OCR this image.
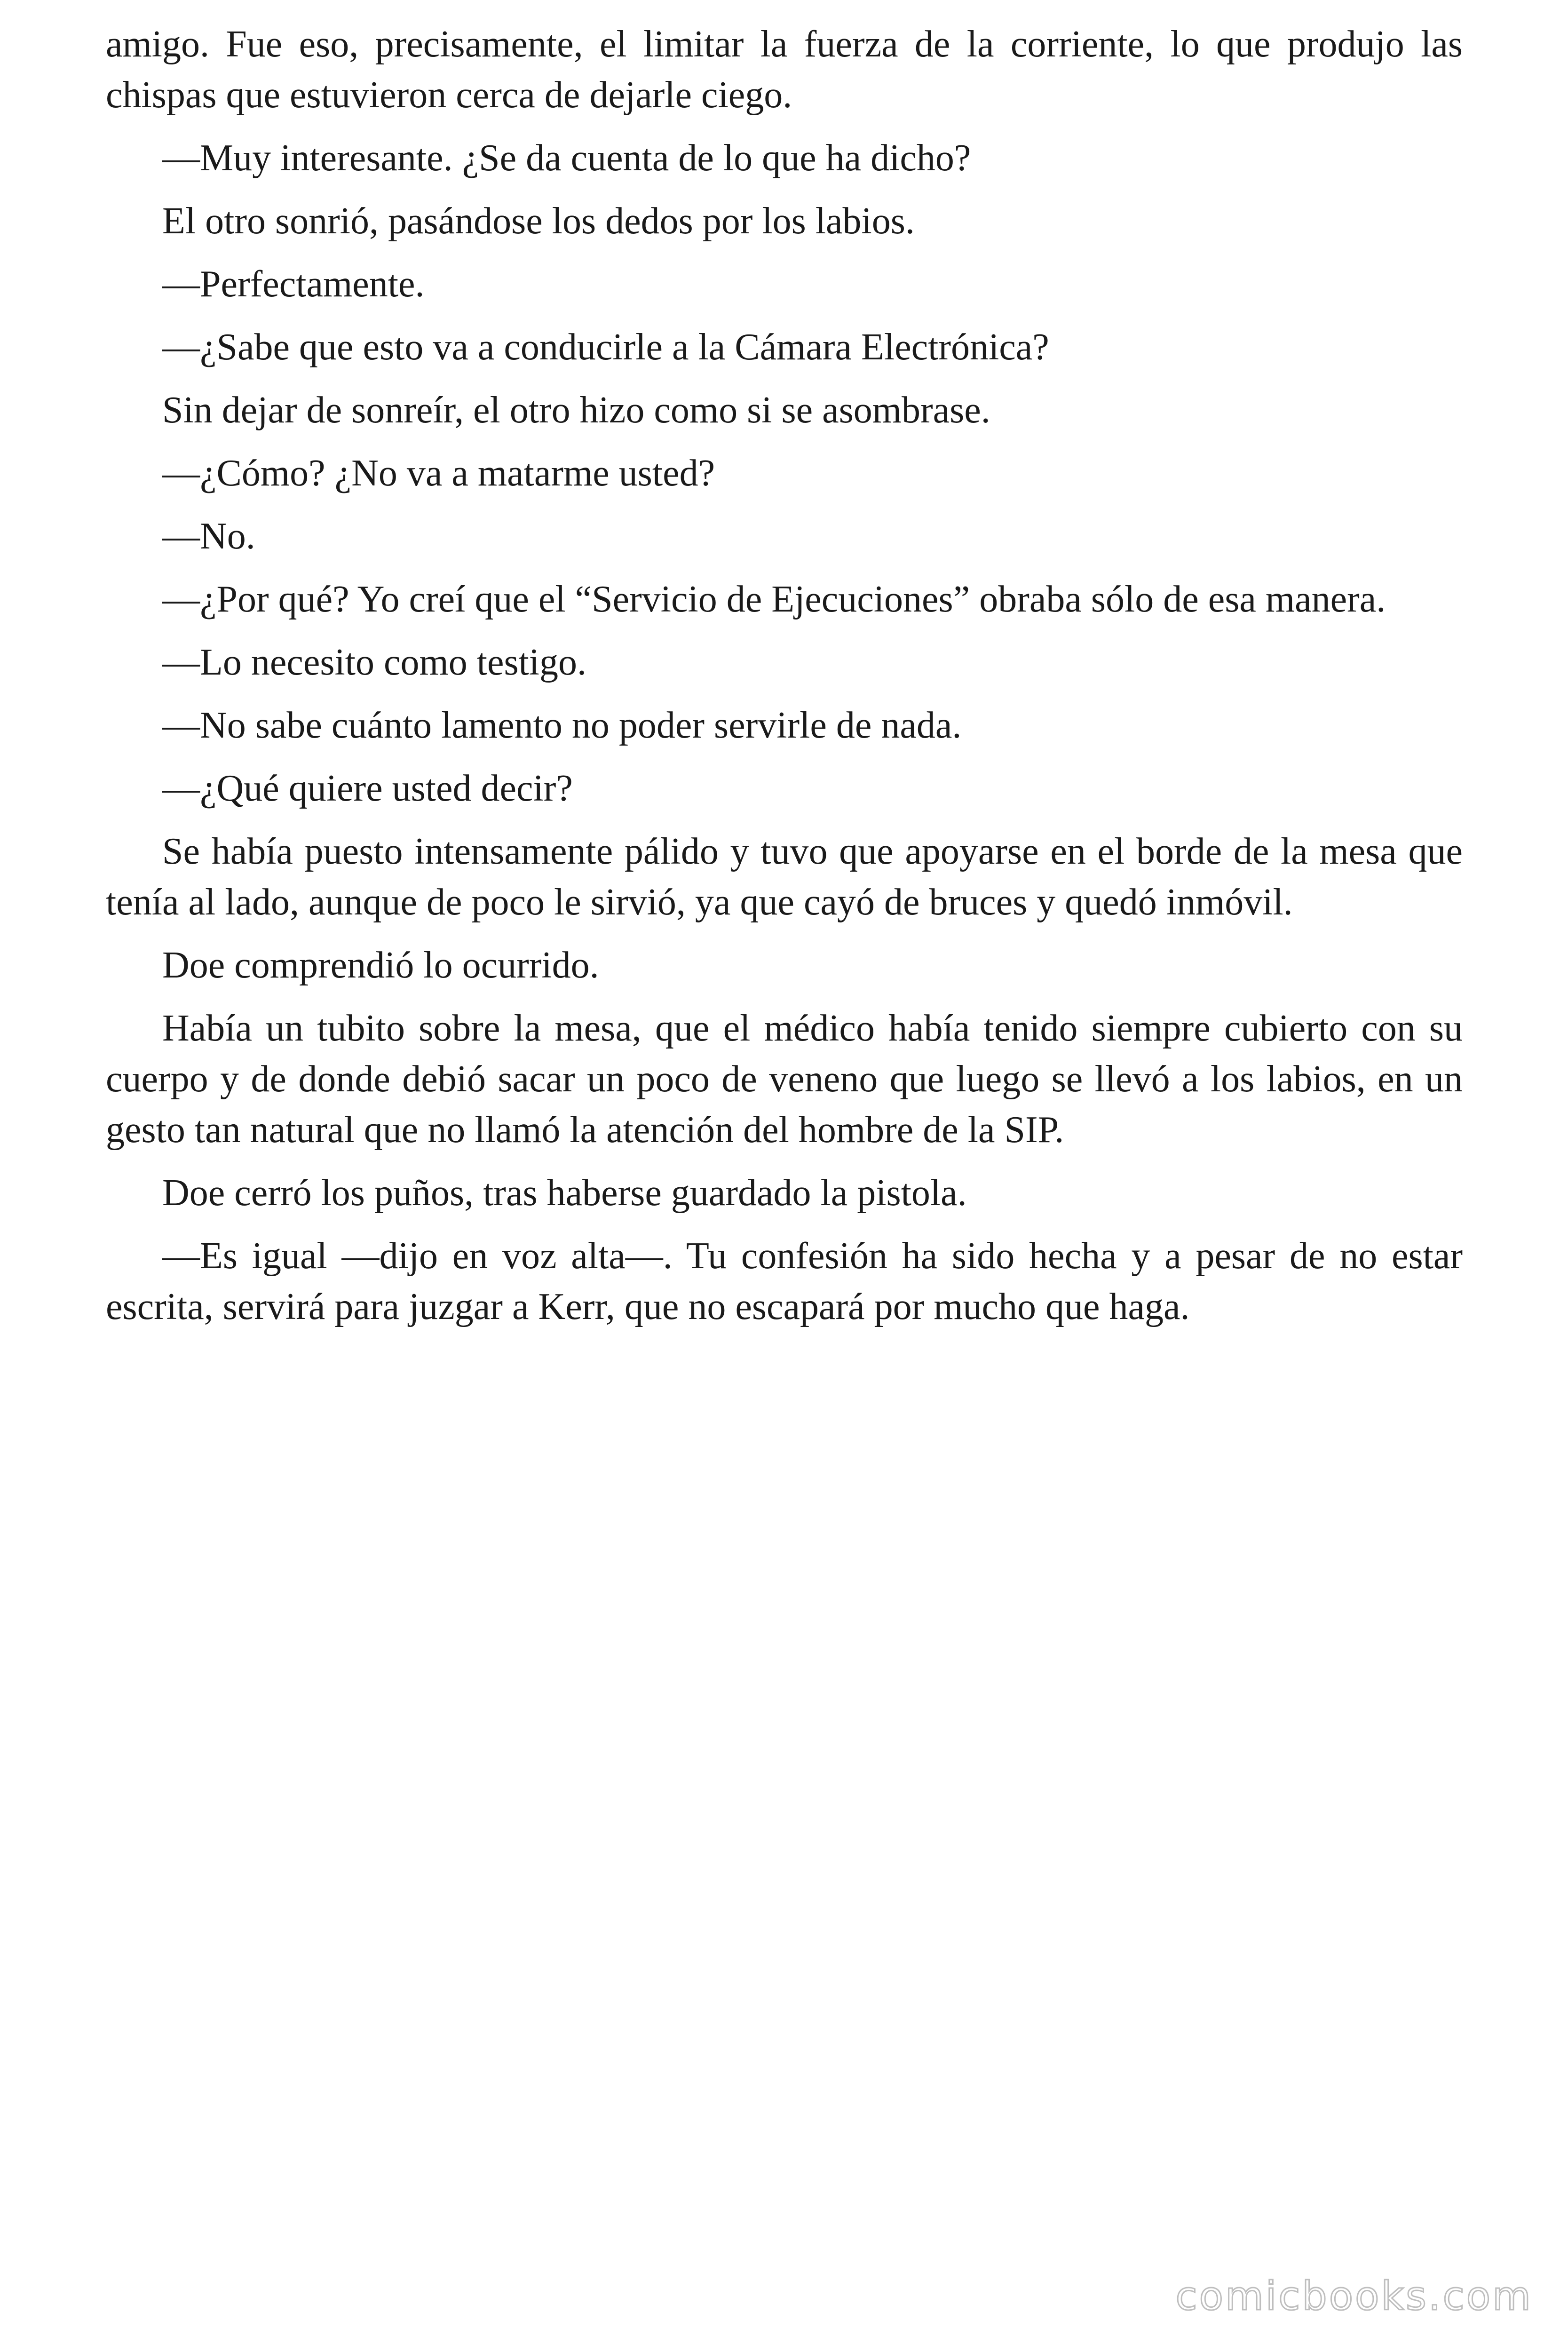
amigo. Fue eso, precisamente, el limitar la fuerza de la corriente, lo que produjo las chispas que estuvieron cerca de dejarle ciego.

—Muy interesante. ¿Se da cuenta de lo que ha dicho?

El otro sonrió, pasándose los dedos por los labios.

—Perfectamente.

—¿Sabe que esto va a conducirle a la Cámara Electrónica?

Sin dejar de sonreír, el otro hizo como si se asombrase.

—¿Cómo? ¿No va a matarme usted?

—No.

—¿Por qué? Yo creí que el “Servicio de Ejecuciones” obraba sólo de esa manera.

—Lo necesito como testigo.

—No sabe cuánto lamento no poder servirle de nada.

—¿Qué quiere usted decir?

Se había puesto intensamente pálido y tuvo que apoyarse en el borde de la mesa que tenía al lado, aunque de poco le sirvió, ya que cayó de bruces y quedó inmóvil.

Doe comprendió lo ocurrido.

Había un tubito sobre la mesa, que el médico había tenido siempre cubierto con su cuerpo y de donde debió sacar un poco de veneno que luego se llevó a los labios, en un gesto tan natural que no llamó la atención del hombre de la SIP.

Doe cerró los puños, tras haberse guardado la pistola.

—Es igual —dijo en voz alta—. Tu confesión ha sido hecha y a pesar de no estar escrita, servirá para juzgar a Kerr, que no escapará por mucho que haga.

comicbooks.com
